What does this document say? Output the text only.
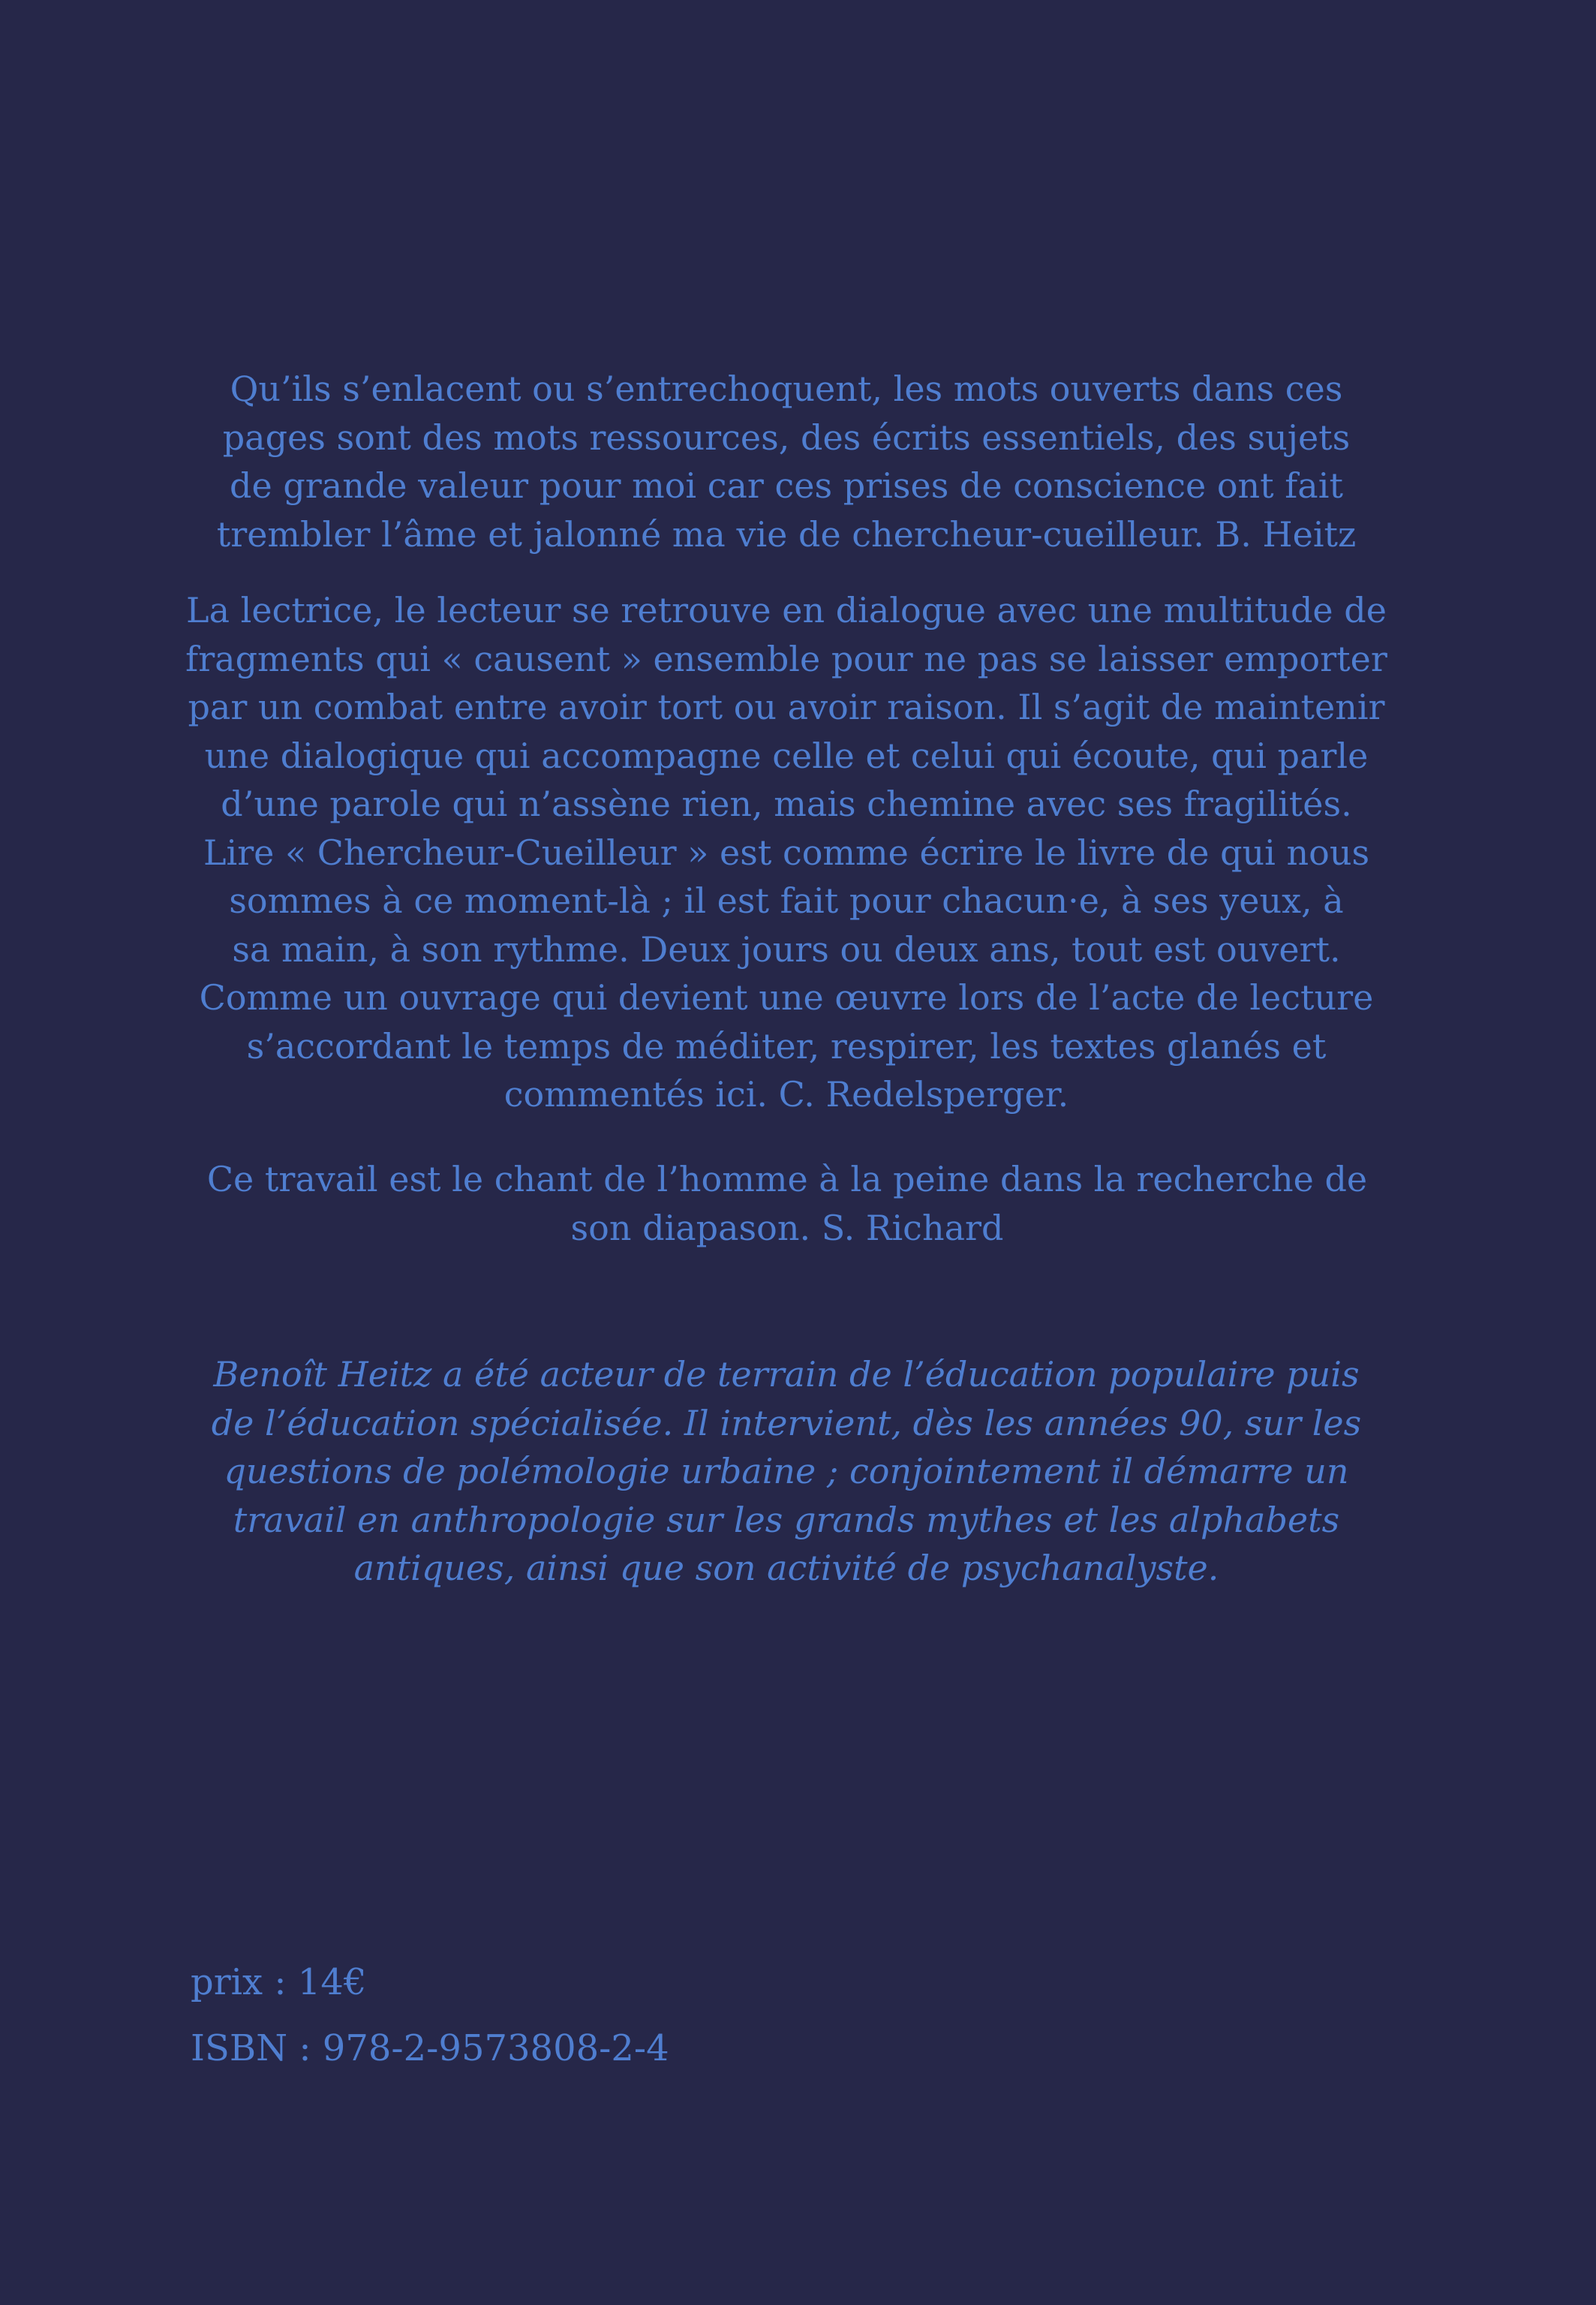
Qu’ils s’enlacent ou s’entrechoquent, les mots ouverts dans ces
pages sont des mots ressources, des écrits essentiels, des sujets
de grande valeur pour moi car ces prises de conscience ont fait
trembler l’âme et jalonné ma vie de chercheur-cueilleur. B. Heitz

La lectrice, le lecteur se retrouve en dialogue avec une multitude de
fragments qui « causent » ensemble pour ne pas se laisser emporter
par un combat entre avoir tort ou avoir raison. Il s’agit de maintenir
une dialogique qui accompagne celle et celui qui écoute, qui parle
d’une parole qui n’assène rien, mais chemine avec ses fragilités.
Lire « Chercheur-Cueilleur » est comme écrire le livre de qui nous
sommes à ce moment-là ; il est fait pour chacun·e, à ses yeux, à
sa main, à son rythme. Deux jours ou deux ans, tout est ouvert.
Comme un ouvrage qui devient une œuvre lors de l’acte de lecture
s’accordant le temps de méditer, respirer, les textes glanés et
commentés ici. C. Redelsperger.

Ce travail est le chant de l’homme à la peine dans la recherche de
son diapason. S. Richard

Benoît Heitz a été acteur de terrain de l’éducation populaire puis
de l’éducation spécialisée. Il intervient, dès les années 90, sur les
questions de polémologie urbaine ; conjointement il démarre un
travail en anthropologie sur les grands mythes et les alphabets
antiques, ainsi que son activité de psychanalyste.

prix : 14€

ISBN : 978-2-9573808-2-4
